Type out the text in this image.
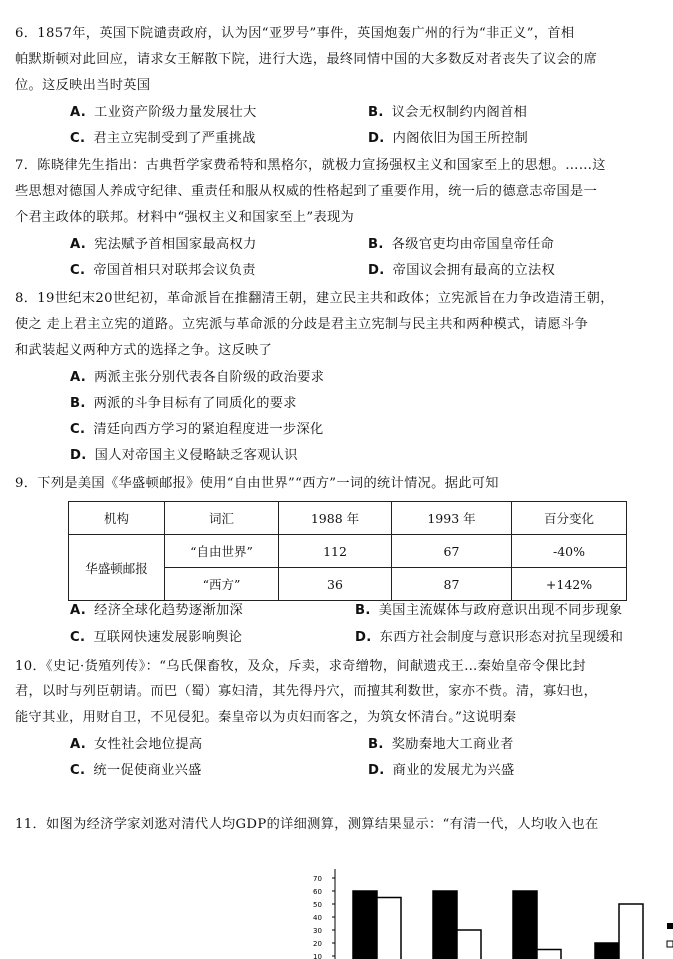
6．1857年，英国下院谴责政府，认为因“亚罗号”事件，英国炮轰广州的行为“非正义”，首相
帕默斯顿对此回应，请求女王解散下院，进行大选，最终同情中国的大多数反对者丧失了议会的席
位。这反映出当时英国
A. 工业资产阶级力量发展壮大	B. 议会无权制约内阁首相
C. 君主立宪制受到了严重挑战	D. 内阁依旧为国王所控制
7．陈晓律先生指出：古典哲学家费希特和黑格尔，就极力宣扬强权主义和国家至上的思想。……这
些思想对德国人养成守纪律、重责任和服从权威的性格起到了重要作用，统一后的德意志帝国是一
个君主政体的联邦。材料中“强权主义和国家至上”表现为
A. 宪法赋予首相国家最高权力	B. 各级官吏均由帝国皇帝任命
C. 帝国首相只对联邦会议负责	D. 帝国议会拥有最高的立法权
8．19世纪末20世纪初，革命派旨在推翻清王朝，建立民主共和政体；立宪派旨在力争改造清王朝，
使之 走上君主立宪的道路。立宪派与革命派的分歧是君主立宪制与民主共和两种模式，请愿斗争
和武装起义两种方式的选择之争。这反映了
A. 两派主张分别代表各自阶级的政治要求
B. 两派的斗争目标有了同质化的要求
C. 清廷向西方学习的紧迫程度进一步深化
D. 国人对帝国主义侵略缺乏客观认识
9．下列是美国《华盛顿邮报》使用“自由世界”“西方”一词的统计情况。据此可知
机构	词汇	1988 年	1993 年	百分变化
华盛顿邮报	“自由世界”	112	67	-40%
	“西方”	36	87	+142%
A. 经济全球化趋势逐渐加深	B. 美国主流媒体与政府意识出现不同步现象
C. 互联网快速发展影响舆论	D. 东西方社会制度与意识形态对抗呈现缓和
10．《史记·货殖列传》：“乌氏倮畜牧，及众，斥卖，求奇缯物，间献遗戎王…秦始皇帝令倮比封
君，以时与列臣朝请。而巴（蜀）寡妇清，其先得丹穴，而擅其利数世，家亦不赀。清，寡妇也，
能守其业，用财自卫，不见侵犯。秦皇帝以为贞妇而客之，为筑女怀清台。”这说明秦
A. 女性社会地位提高	B. 奖励秦地大工商业者
C. 统一促使商业兴盛	D. 商业的发展尤为兴盛
11．如图为经济学家刘逖对清代人均GDP的详细测算，测算结果显示：“有清一代，人均收入也在
70
60
50
40
30
20
10
